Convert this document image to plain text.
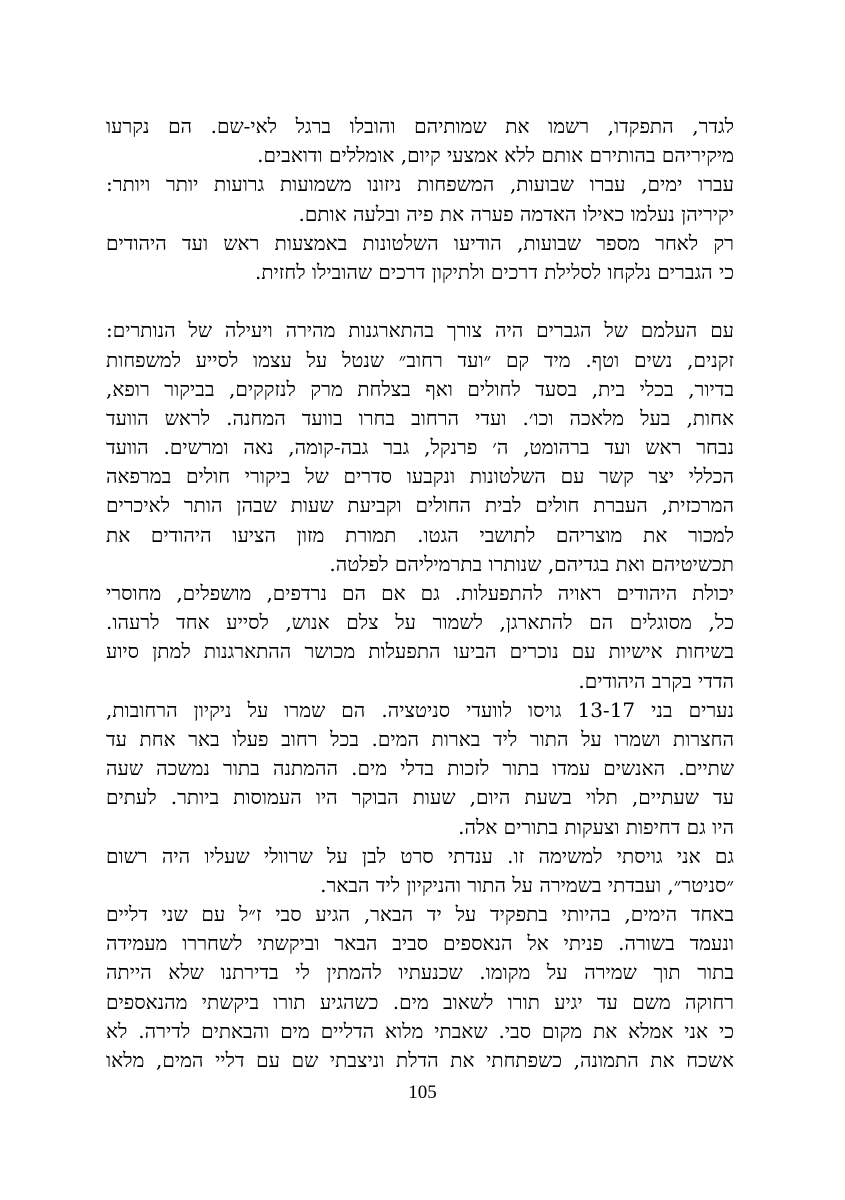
לגדר, התפקדו, רשמו את שמותיהם והובלו ברגל לאי-שם. הם נקרעו
מיקיריהם בהותירם אותם ללא אמצעי קיום, אומללים ודואבים.
עברו ימים, עברו שבועות, המשפחות ניזונו משמועות גרועות יותר ויותר:
יקיריהן נעלמו כאילו האדמה פערה את פיה ובלעה אותם.
רק לאחר מספר שבועות, הודיעו השלטונות באמצעות ראש ועד היהודים
כי הגברים נלקחו לסלילת דרכים ולתיקון דרכים שהובילו לחזית.
עם העלמם של הגברים היה צורך בהתארגנות מהירה ויעילה של הנותרים:
זקנים, נשים וטף. מיד קם ״ועד רחוב״ שנטל על עצמו לסייע למשפחות
בדיור, בכלי בית, בסעד לחולים ואף בצלחת מרק לנזקקים, בביקור רופא,
אחות, בעל מלאכה וכו׳. ועדי הרחוב בחרו בוועד המחנה. לראש הוועד
נבחר ראש ועד ברהומט, ה׳ פרנקל, גבר גבה-קומה, נאה ומרשים. הוועד
הכללי יצר קשר עם השלטונות ונקבעו סדרים של ביקורי חולים במרפאה
המרכזית, העברת חולים לבית החולים וקביעת שעות שבהן הותר לאיכרים
למכור את מוצריהם לתושבי הגטו. תמורת מזון הציעו היהודים את
תכשיטיהם ואת בגדיהם, שנותרו בתרמיליהם לפלטה.
יכולת היהודים ראויה להתפעלות. גם אם הם נרדפים, מושפלים, מחוסרי
כל, מסוגלים הם להתארגן, לשמור על צלם אנוש, לסייע אחד לרעהו.
בשיחות אישיות עם נוכרים הביעו התפעלות מכושר ההתארגנות למתן סיוע
הדדי בקרב היהודים.
נערים בני 13-17 גויסו לוועדי סניטציה. הם שמרו על ניקיון הרחובות,
החצרות ושמרו על התור ליד בארות המים. בכל רחוב פעלו באר אחת עד
שתיים. האנשים עמדו בתור לזכות בדלי מים. ההמתנה בתור נמשכה שעה
עד שעתיים, תלוי בשעת היום, שעות הבוקר היו העמוסות ביותר. לעתים
היו גם דחיפות וצעקות בתורים אלה.
גם אני גויסתי למשימה זו. ענדתי סרט לבן על שרוולי שעליו היה רשום
״סניטר״, ועבדתי בשמירה על התור והניקיון ליד הבאר.
באחד הימים, בהיותי בתפקיד על יד הבאר, הגיע סבי ז״ל עם שני דליים
ונעמד בשורה. פניתי אל הנאספים סביב הבאר וביקשתי לשחררו מעמידה
בתור תוך שמירה על מקומו. שכנעתיו להמתין לי בדירתנו שלא הייתה
רחוקה משם עד יגיע תורו לשאוב מים. כשהגיע תורו ביקשתי מהנאספים
כי אני אמלא את מקום סבי. שאבתי מלוא הדליים מים והבאתים לדירה. לא
אשכח את התמונה, כשפתחתי את הדלת וניצבתי שם עם דליי המים, מלאו
105
